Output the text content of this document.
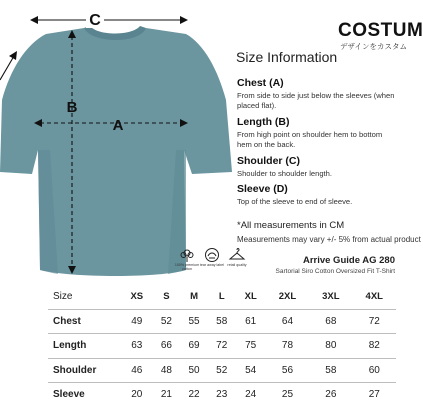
C
B
A
COSTUM
デザインをカスタム
Size Information
Chest (A)
From side to side just below the sleeves (when placed flat).
Length (B)
From high point on shoulder hem to bottom hem on the back.
Shoulder (C)
Shoulder to shoulder length.
Sleeve (D)
Top of the sleeve to end of sleeve.
*All measurements in CM
Measurements may vary +/- 5% from actual product
100% premium cotton
tear away label retail quality	Arrive Guide AG 280
Sartorial Siro Cotton Oversized Fit T-Shirt
Size	XS	S	M	L	XL	2XL	3XL	4XL
Chest	49	52	55	58	61	64	68	72
Length	63	66	69	72	75	78	80	82
Shoulder	46	48	50	52	54	56	58	60
Sleeve	20	21	22	23	24	25	26	27
